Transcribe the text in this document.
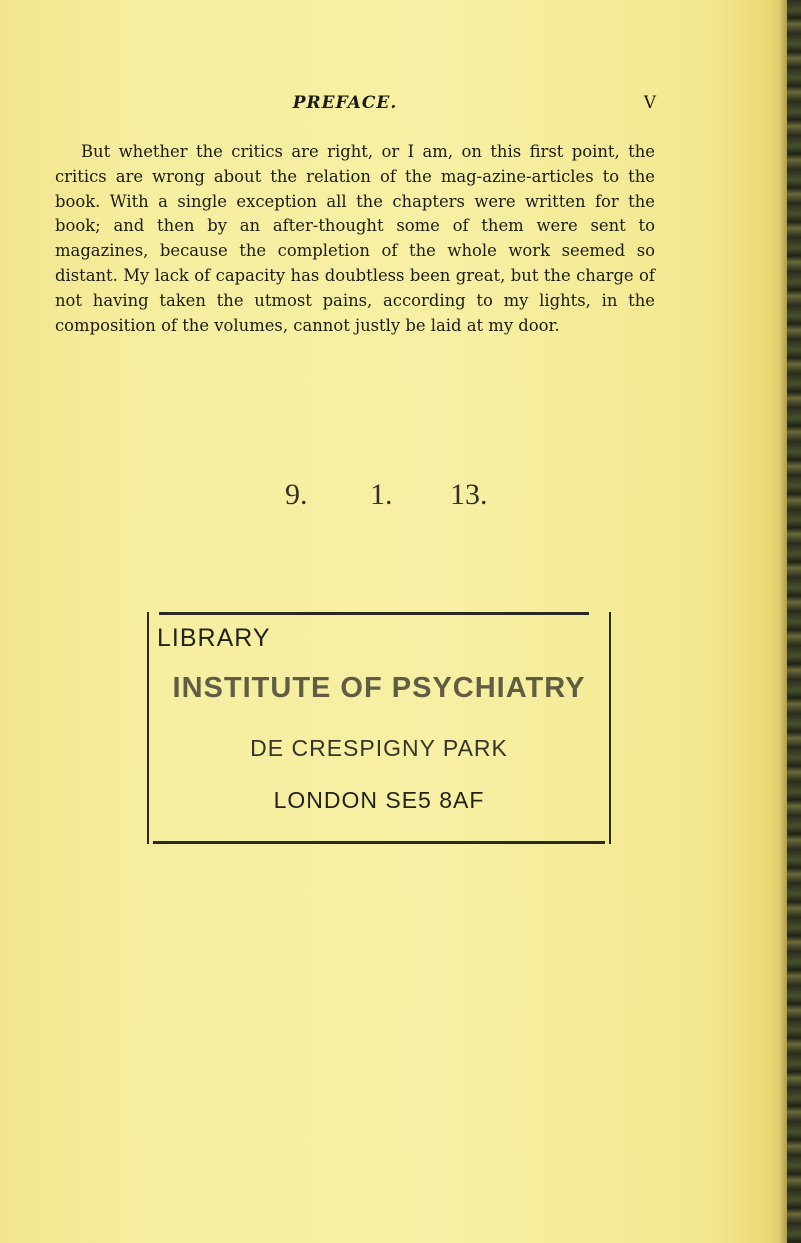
PREFACE.	V

But whether the critics are right, or I am, on this first point, the critics are wrong about the relation of the mag-azine-articles to the book. With a single exception all the chapters were written for the book; and then by an after-thought some of them were sent to magazines, because the completion of the whole work seemed so distant. My lack of capacity has doubtless been great, but the charge of not having taken the utmost pains, according to my lights, in the composition of the volumes, cannot justly be laid at my door.

9. 1. 13.
LIBRARY
INSTITUTE OF PSYCHIATRY
DE CRESPIGNY PARK
LONDON SE5 8AF
